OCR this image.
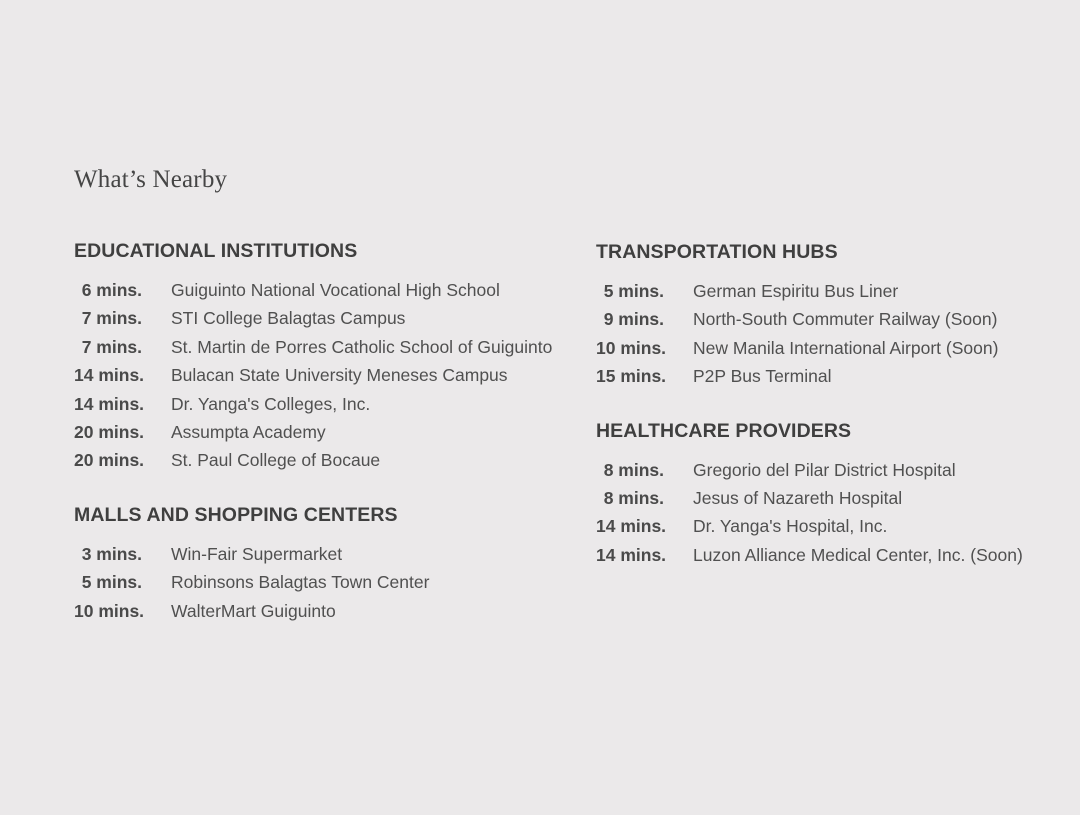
What’s Nearby
EDUCATIONAL INSTITUTIONS
6 mins. Guiguinto National Vocational High School
7 mins. STI College Balagtas Campus
7 mins. St. Martin de Porres Catholic School of Guiguinto
14 mins. Bulacan State University Meneses Campus
14 mins. Dr. Yanga's Colleges, Inc.
20 mins. Assumpta Academy
20 mins. St. Paul College of Bocaue
MALLS AND SHOPPING CENTERS
3 mins. Win-Fair Supermarket
5 mins. Robinsons Balagtas Town Center
10 mins. WalterMart Guiguinto
TRANSPORTATION HUBS
5 mins. German Espiritu Bus Liner
9 mins. North-South Commuter Railway (Soon)
10 mins. New Manila International Airport (Soon)
15 mins. P2P Bus Terminal
HEALTHCARE PROVIDERS
8 mins. Gregorio del Pilar District Hospital
8 mins. Jesus of Nazareth Hospital
14 mins. Dr. Yanga's Hospital, Inc.
14 mins. Luzon Alliance Medical Center, Inc. (Soon)
